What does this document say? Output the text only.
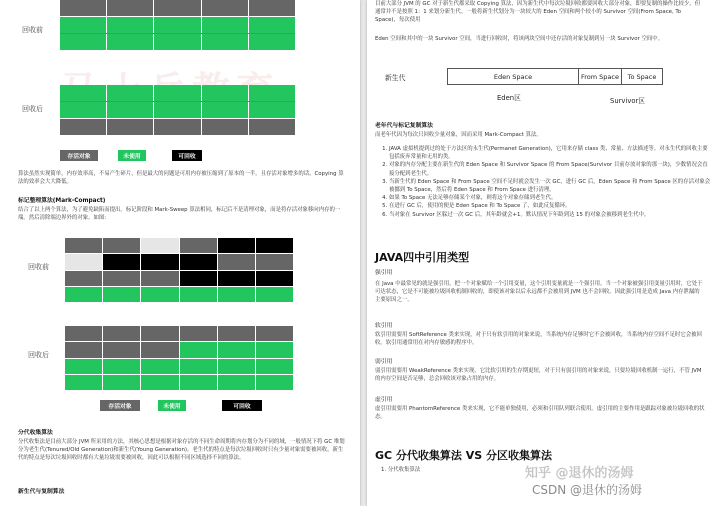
回收前
回收后
存活对象	未使用	可回收
算法虽然实现简单，内存效率高，不易产生碎片，但是最大的问题是可用内存被压缩到了原本的一半。且存活对象增多的话，Copying 算法的效率会大大降低。
标记整理算法(Mark-Compact)
结合了以上两个算法，为了避免缺陷而提出。标记阶段和 Mark-Sweep 算法相同，标记后不是清理对象，而是将存活对象移向内存的一端。然后清除端边界外的对象。如图:
回收前
回收后
存活对象	未使用	可回收
分代收集算法
分代收集法是目前大部分 JVM 所采用的方法，其核心思想是根据对象存活的不同生命周期将内存划分为不同的域，一般情况下将 GC 堆划分为老生代(Tenured/Old Generation)和新生代(Young Generation)。老生代的特点是每次垃圾回收时只有少量对象需要被回收，新生代的特点是每次垃圾回收时都有大量垃圾需要被回收，因此可以根据不同区域选择不同的算法。
新生代与复制算法
目前大部分 JVM 的 GC 对于新生代都采取 Copying 算法，因为新生代中每次垃圾回收都要回收大部分对象，即要复制的操作比较少，但通常并不是按照 1：1 来划分新生代。一般将新生代划分为一块较大的 Eden 空间和两个较小的 Survivor 空间(From Space, To Space)，每次使用
Eden 空间和其中的一块 Survivor 空间，当进行回收时，将该两块空间中还存活的对象复制到另一块 Survivor 空间中。
新生代	Eden Space	From Space	To Space
Eden区	Survivor区
老年代与标记复制算法
而老年代因为每次只回收少量对象，因而采用 Mark-Compact 算法。
1. JAVA 虚拟机提到过的处于方法区的永生代(Permanet Generation)，它用来存储 class 类、常量、方法描述等。对永生代的回收主要包括废弃常量和无用的类。
2. 对象的内存分配主要在新生代的 Eden Space 和 Survivor Space 的 From Space(Survivor 目前存放对象的那一块)，少数情况会直接分配到老生代。
3. 当新生代的 Eden Space 和 From Space 空间不足时就会发生一次 GC，进行 GC 后，Eden Space 和 From Space 区的存活对象会被挪到 To Space，然后将 Eden Space 和 From Space 进行清理。
4. 如果 To Space 无法足够存储某个对象，则将这个对象存储到老生代。
5. 在进行 GC 后，使用的便是 Eden Space 和 To Space 了，如此反复循环。
6. 当对象在 Survivor 区躲过一次 GC 后，其年龄就会+1。默认情况下年龄到达 15 的对象会被移到老生代中。
JAVA四中引用类型
强引用
在 Java 中最常见的就是强引用，把一个对象赋给一个引用变量，这个引用变量就是一个强引用。当一个对象被强引用变量引用时，它处于可达状态，它是不可能被垃圾回收机制回收的，即使该对象以后永远都不会被用到 JVM 也不会回收。因此强引用是造成 Java 内存泄漏的主要原因之一。
软引用
软引用需要用 SoftReference 类来实现，对于只有软引用的对象来说，当系统内存足够时它不会被回收，当系统内存空间不足时它会被回收。软引用通常用在对内存敏感的程序中。
弱引用
弱引用需要用 WeakReference 类来实现，它比软引用的生存期更短，对于只有弱引用的对象来说，只要垃圾回收机制一运行，不管 JVM 的内存空间是否足够，总会回收该对象占用的内存。
虚引用
虚引用需要用 PhantomReference 类来实现，它不能单独使用，必须和引用队列联合使用。虚引用的主要作用是跟踪对象被垃圾回收的状态。
GC 分代收集算法 VS 分区收集算法
1. 分代收集算法	知乎 @退休的汤姆
CSDN @退休的汤姆
